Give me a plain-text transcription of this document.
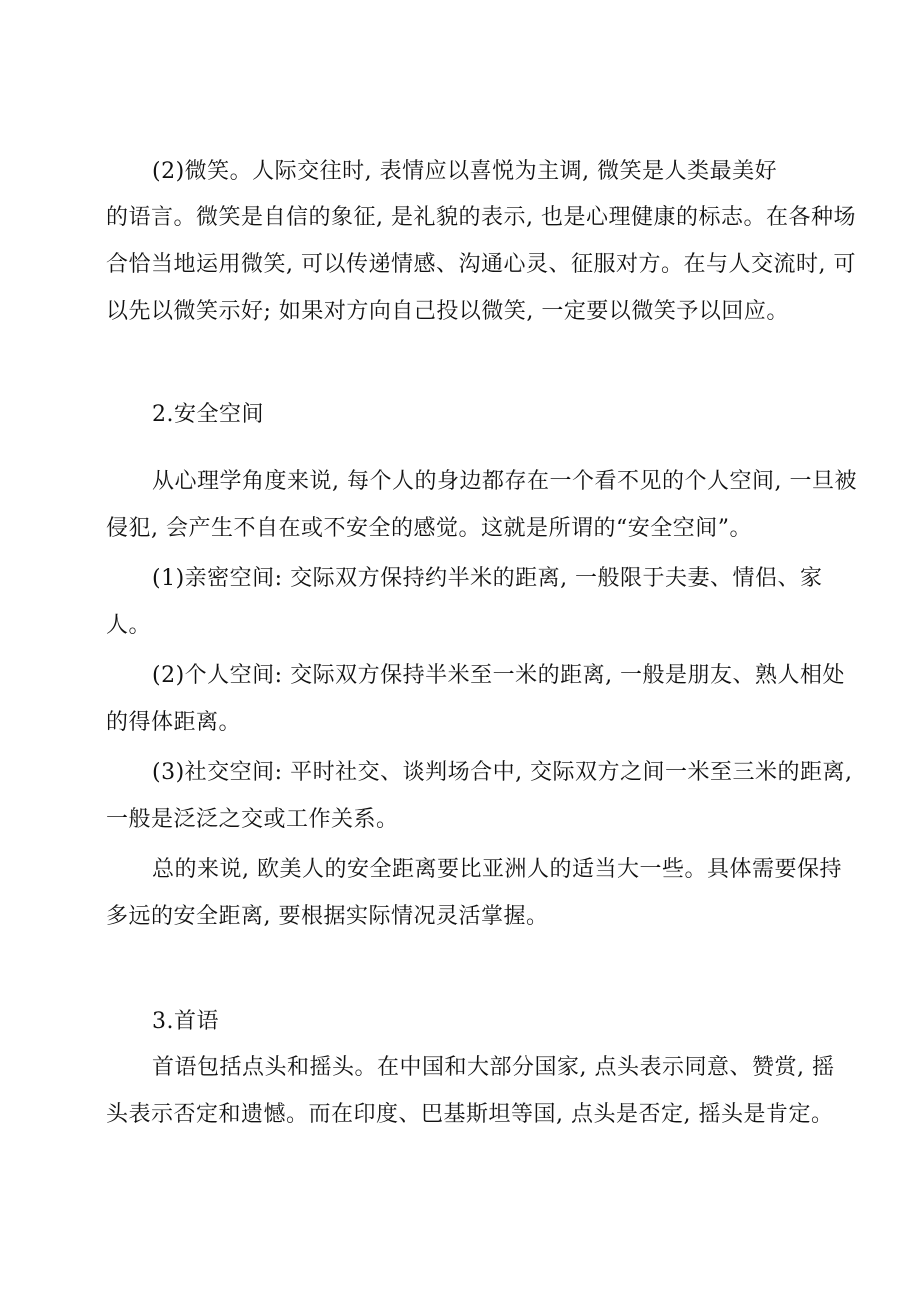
(2)微笑。人际交往时, 表情应以喜悦为主调, 微笑是人类最美好
的语言。微笑是自信的象征, 是礼貌的表示, 也是心理健康的标志。在各种场
合恰当地运用微笑, 可以传递情感、沟通心灵、征服对方。在与人交流时, 可
以先以微笑示好; 如果对方向自己投以微笑, 一定要以微笑予以回应。
2.安全空间
从心理学角度来说, 每个人的身边都存在一个看不见的个人空间, 一旦被
侵犯, 会产生不自在或不安全的感觉。这就是所谓的“安全空间”。
(1)亲密空间: 交际双方保持约半米的距离, 一般限于夫妻、情侣、家
人。
(2)个人空间: 交际双方保持半米至一米的距离, 一般是朋友、熟人相处
的得体距离。
(3)社交空间: 平时社交、谈判场合中, 交际双方之间一米至三米的距离,
一般是泛泛之交或工作关系。
总的来说, 欧美人的安全距离要比亚洲人的适当大一些。具体需要保持
多远的安全距离, 要根据实际情况灵活掌握。
3.首语
首语包括点头和摇头。在中国和大部分国家, 点头表示同意、赞赏, 摇
头表示否定和遗憾。而在印度、巴基斯坦等国, 点头是否定, 摇头是肯定。
